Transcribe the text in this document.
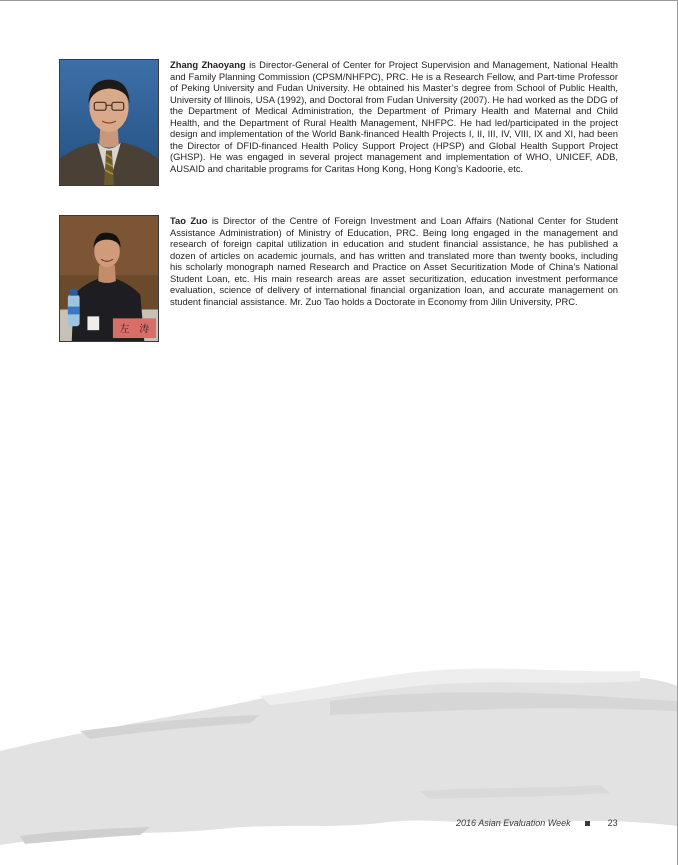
Zhang Zhaoyang is Director-General of Center for Project Supervision and Management, National Health and Family Planning Commission (CPSM/NHFPC), PRC. He is a Research Fellow, and Part-time Professor of Peking University and Fudan University. He obtained his Master’s degree from School of Public Health, University of Illinois, USA (1992), and Doctoral from Fudan University (2007). He had worked as the DDG of the Department of Medical Administration, the Department of Primary Health and Maternal and Child Health, and the Department of Rural Health Management, NHFPC. He had led/participated in the project design and implementation of the World Bank-financed Health Projects I, II, III, IV, VIII, IX and XI, had been the Director of DFID-financed Health Policy Support Project (HPSP) and Global Health Support Project (GHSP). He was engaged in several project management and implementation of WHO, UNICEF, ADB, AUSAID and charitable programs for Caritas Hong Kong, Hong Kong’s Kadoorie, etc.

左　涛

Tao Zuo is Director of the Centre of Foreign Investment and Loan Affairs (National Center for Student Assistance Administration) of Ministry of Education, PRC. Being long engaged in the management and research of foreign capital utilization in education and student financial assistance, he has published a dozen of articles on academic journals, and has written and translated more than twenty books, including his scholarly monograph named Research and Practice on Asset Securitization Mode of China’s National Student Loan, etc. His main research areas are asset securitization, education investment performance evaluation, science of delivery of international financial organization loan, and accurate management on student financial assistance. Mr. Zuo Tao holds a Doctorate in Economy from Jilin University, PRC.

2016 Asian Evaluation Week	23
